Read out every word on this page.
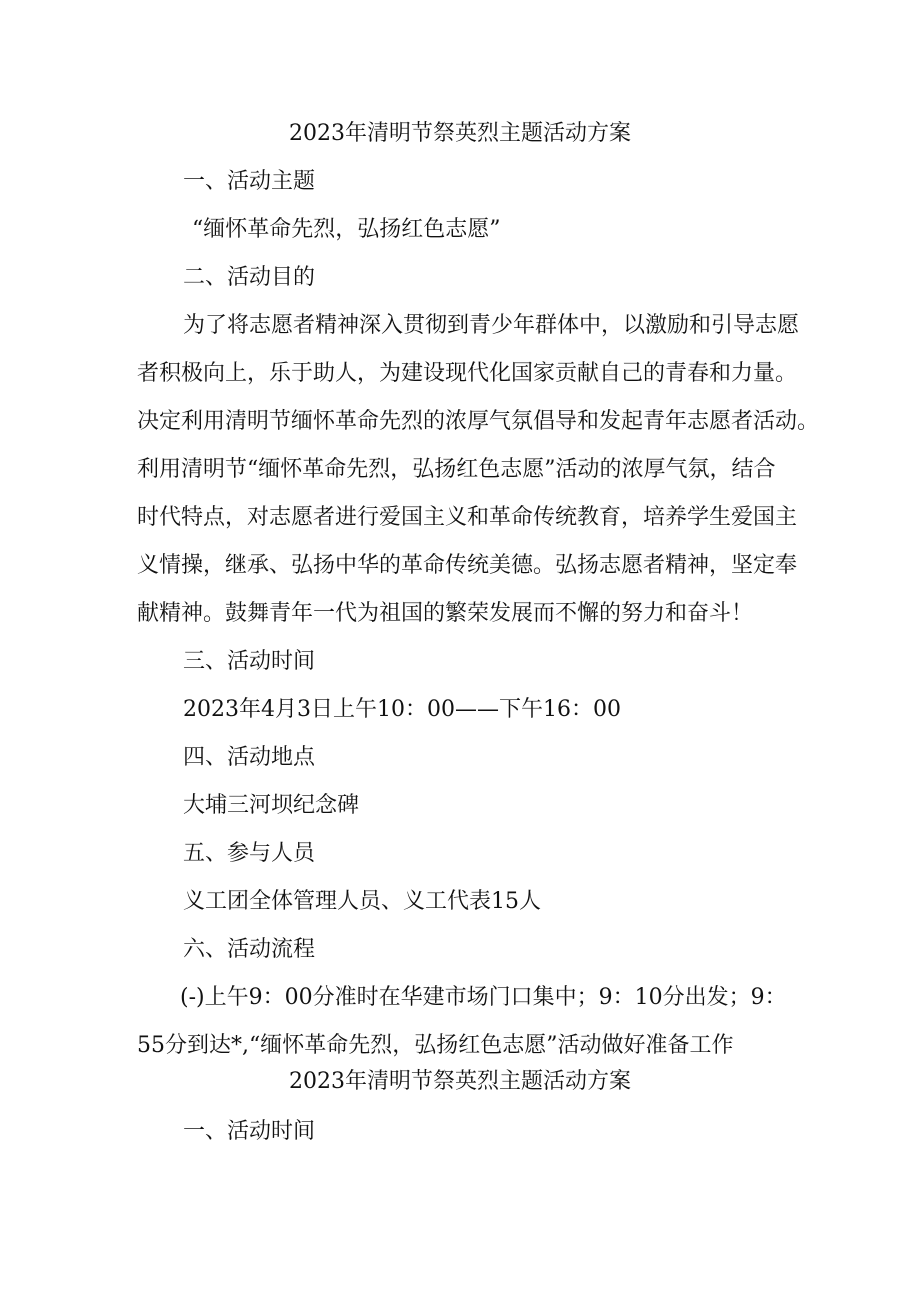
2023年清明节祭英烈主题活动方案
一、活动主题
“缅怀革命先烈，弘扬红色志愿”
二、活动目的
为了将志愿者精神深入贯彻到青少年群体中，以激励和引导志愿
者积极向上，乐于助人，为建设现代化国家贡献自己的青春和力量。
决定利用清明节缅怀革命先烈的浓厚气氛倡导和发起青年志愿者活动。
利用清明节“缅怀革命先烈，弘扬红色志愿”活动的浓厚气氛，结合
时代特点，对志愿者进行爱国主义和革命传统教育，培养学生爱国主
义情操，继承、弘扬中华的革命传统美德。弘扬志愿者精神，坚定奉
献精神。鼓舞青年一代为祖国的繁荣发展而不懈的努力和奋斗！
三、活动时间
2023年4月3日上午10：00——下午16：00
四、活动地点
大埔三河坝纪念碑
五、参与人员
义工团全体管理人员、义工代表15人
六、活动流程
(-)上午9：00分准时在华建市场门口集中；9：10分出发；9：
55分到达*,“缅怀革命先烈，弘扬红色志愿”活动做好准备工作
2023年清明节祭英烈主题活动方案
一、活动时间
